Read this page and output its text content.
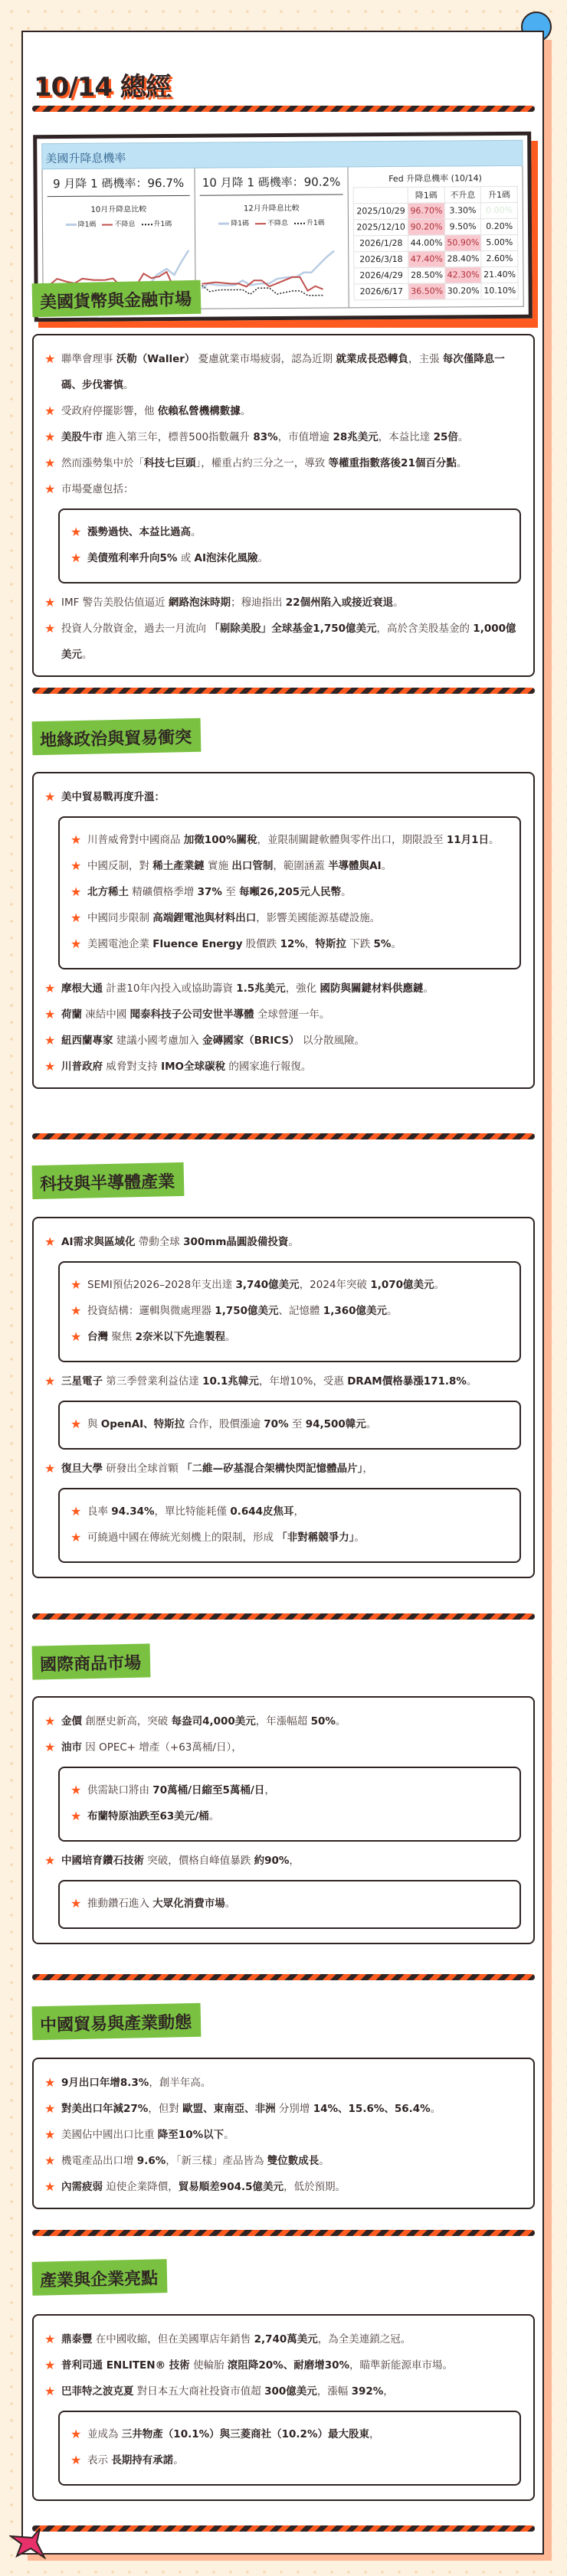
10/14 總經
美國升降息機率
9 月降 1 碼機率：96.7%
10月升降息比較
降1碼	不降息	升1碼
10 月降 1 碼機率：90.2%
12月升降息比較
降1碼	不降息	升1碼
Fed 升降息機率 (10/14)			
	降1碼	不升息	升1碼
2025/10/29	96.70%	3.30%	0.00%
2025/12/10	90.20%	9.50%	0.20%
2026/1/28	44.00%	50.90%	5.00%
2026/3/18	47.40%	28.40%	2.60%
2026/4/29	28.50%	42.30%	21.40%
2026/6/17	36.50%	30.20%	10.10%
美國貨幣與金融市場
★ 聯準會理事 沃勒（Waller） 憂慮就業市場疲弱，認為近期 就業成長恐轉負，主張 每次僅降息一碼、步伐審慎。
★ 受政府停擺影響，他 依賴私營機構數據。
★ 美股牛市 進入第三年，標普500指數飆升 83%，市值增逾 28兆美元，本益比達 25倍。
★ 然而漲勢集中於「科技七巨頭」，權重占約三分之一，導致 等權重指數落後21個百分點。
★ 市場憂慮包括：
★ 漲勢過快、本益比過高。
★ 美債殖利率升向5% 或 AI泡沫化風險。
★ IMF 警告美股估值逼近 網路泡沫時期；穆迪指出 22個州陷入或接近衰退。
★ 投資人分散資金，過去一月流向 「剔除美股」全球基金1,750億美元，高於含美股基金的 1,000億美元。
地緣政治與貿易衝突
★ 美中貿易戰再度升溫：
★ 川普威脅對中國商品 加徵100%關稅，並限制關鍵軟體與零件出口，期限設至 11月1日。
★ 中國反制，對 稀土產業鏈 實施 出口管制，範圍涵蓋 半導體與AI。
★ 北方稀土 精礦價格季增 37% 至 每噸26,205元人民幣。
★ 中國同步限制 高端鋰電池與材料出口，影響美國能源基礎設施。
★ 美國電池企業 Fluence Energy 股價跌 12%，特斯拉 下跌 5%。
★ 摩根大通 計畫10年內投入或協助籌資 1.5兆美元，強化 國防與關鍵材料供應鏈。
★ 荷蘭 凍結中國 聞泰科技子公司安世半導體 全球營運一年。
★ 紐西蘭專家 建議小國考慮加入 金磚國家（BRICS） 以分散風險。
★ 川普政府 威脅對支持 IMO全球碳稅 的國家進行報復。
科技與半導體產業
★ AI需求與區域化 帶動全球 300mm晶圓設備投資。
★ SEMI預估2026–2028年支出達 3,740億美元，2024年突破 1,070億美元。
★ 投資結構：邏輯與微處理器 1,750億美元、記憶體 1,360億美元。
★ 台灣 聚焦 2奈米以下先進製程。
★ 三星電子 第三季營業利益估達 10.1兆韓元，年增10%，受惠 DRAM價格暴漲171.8%。
★ 與 OpenAI、特斯拉 合作，股價漲逾 70% 至 94,500韓元。
★ 復旦大學 研發出全球首顆 「二維—矽基混合架構快閃記憶體晶片」，
★ 良率 94.34%，單比特能耗僅 0.644皮焦耳，
★ 可繞過中國在傳統光刻機上的限制，形成 「非對稱競爭力」。
國際商品市場
★ 金價 創歷史新高，突破 每盎司4,000美元，年漲幅超 50%。
★ 油市 因 OPEC+ 增產（+63萬桶/日），
★ 供需缺口將由 70萬桶/日縮至5萬桶/日，
★ 布蘭特原油跌至63美元/桶。
★ 中國培育鑽石技術 突破，價格自峰值暴跌 約90%，
★ 推動鑽石進入 大眾化消費市場。
中國貿易與產業動態
★ 9月出口年增8.3%，創半年高。
★ 對美出口年減27%，但對 歐盟、東南亞、非洲 分別增 14%、15.6%、56.4%。
★ 美國佔中國出口比重 降至10%以下。
★ 機電產品出口增 9.6%，「新三樣」產品皆為 雙位數成長。
★ 內需疲弱 迫使企業降價，貿易順差904.5億美元，低於預期。
產業與企業亮點
★ 鼎泰豐 在中國收縮，但在美國單店年銷售 2,740萬美元，為全美連鎖之冠。
★ 普利司通 ENLITEN® 技術 使輪胎 滾阻降20%、耐磨增30%，瞄準新能源車市場。
★ 巴菲特之波克夏 對日本五大商社投資市值超 300億美元，漲幅 392%，
★ 並成為 三井物產（10.1%）與三菱商社（10.2%）最大股東，
★ 表示 長期持有承諾。
